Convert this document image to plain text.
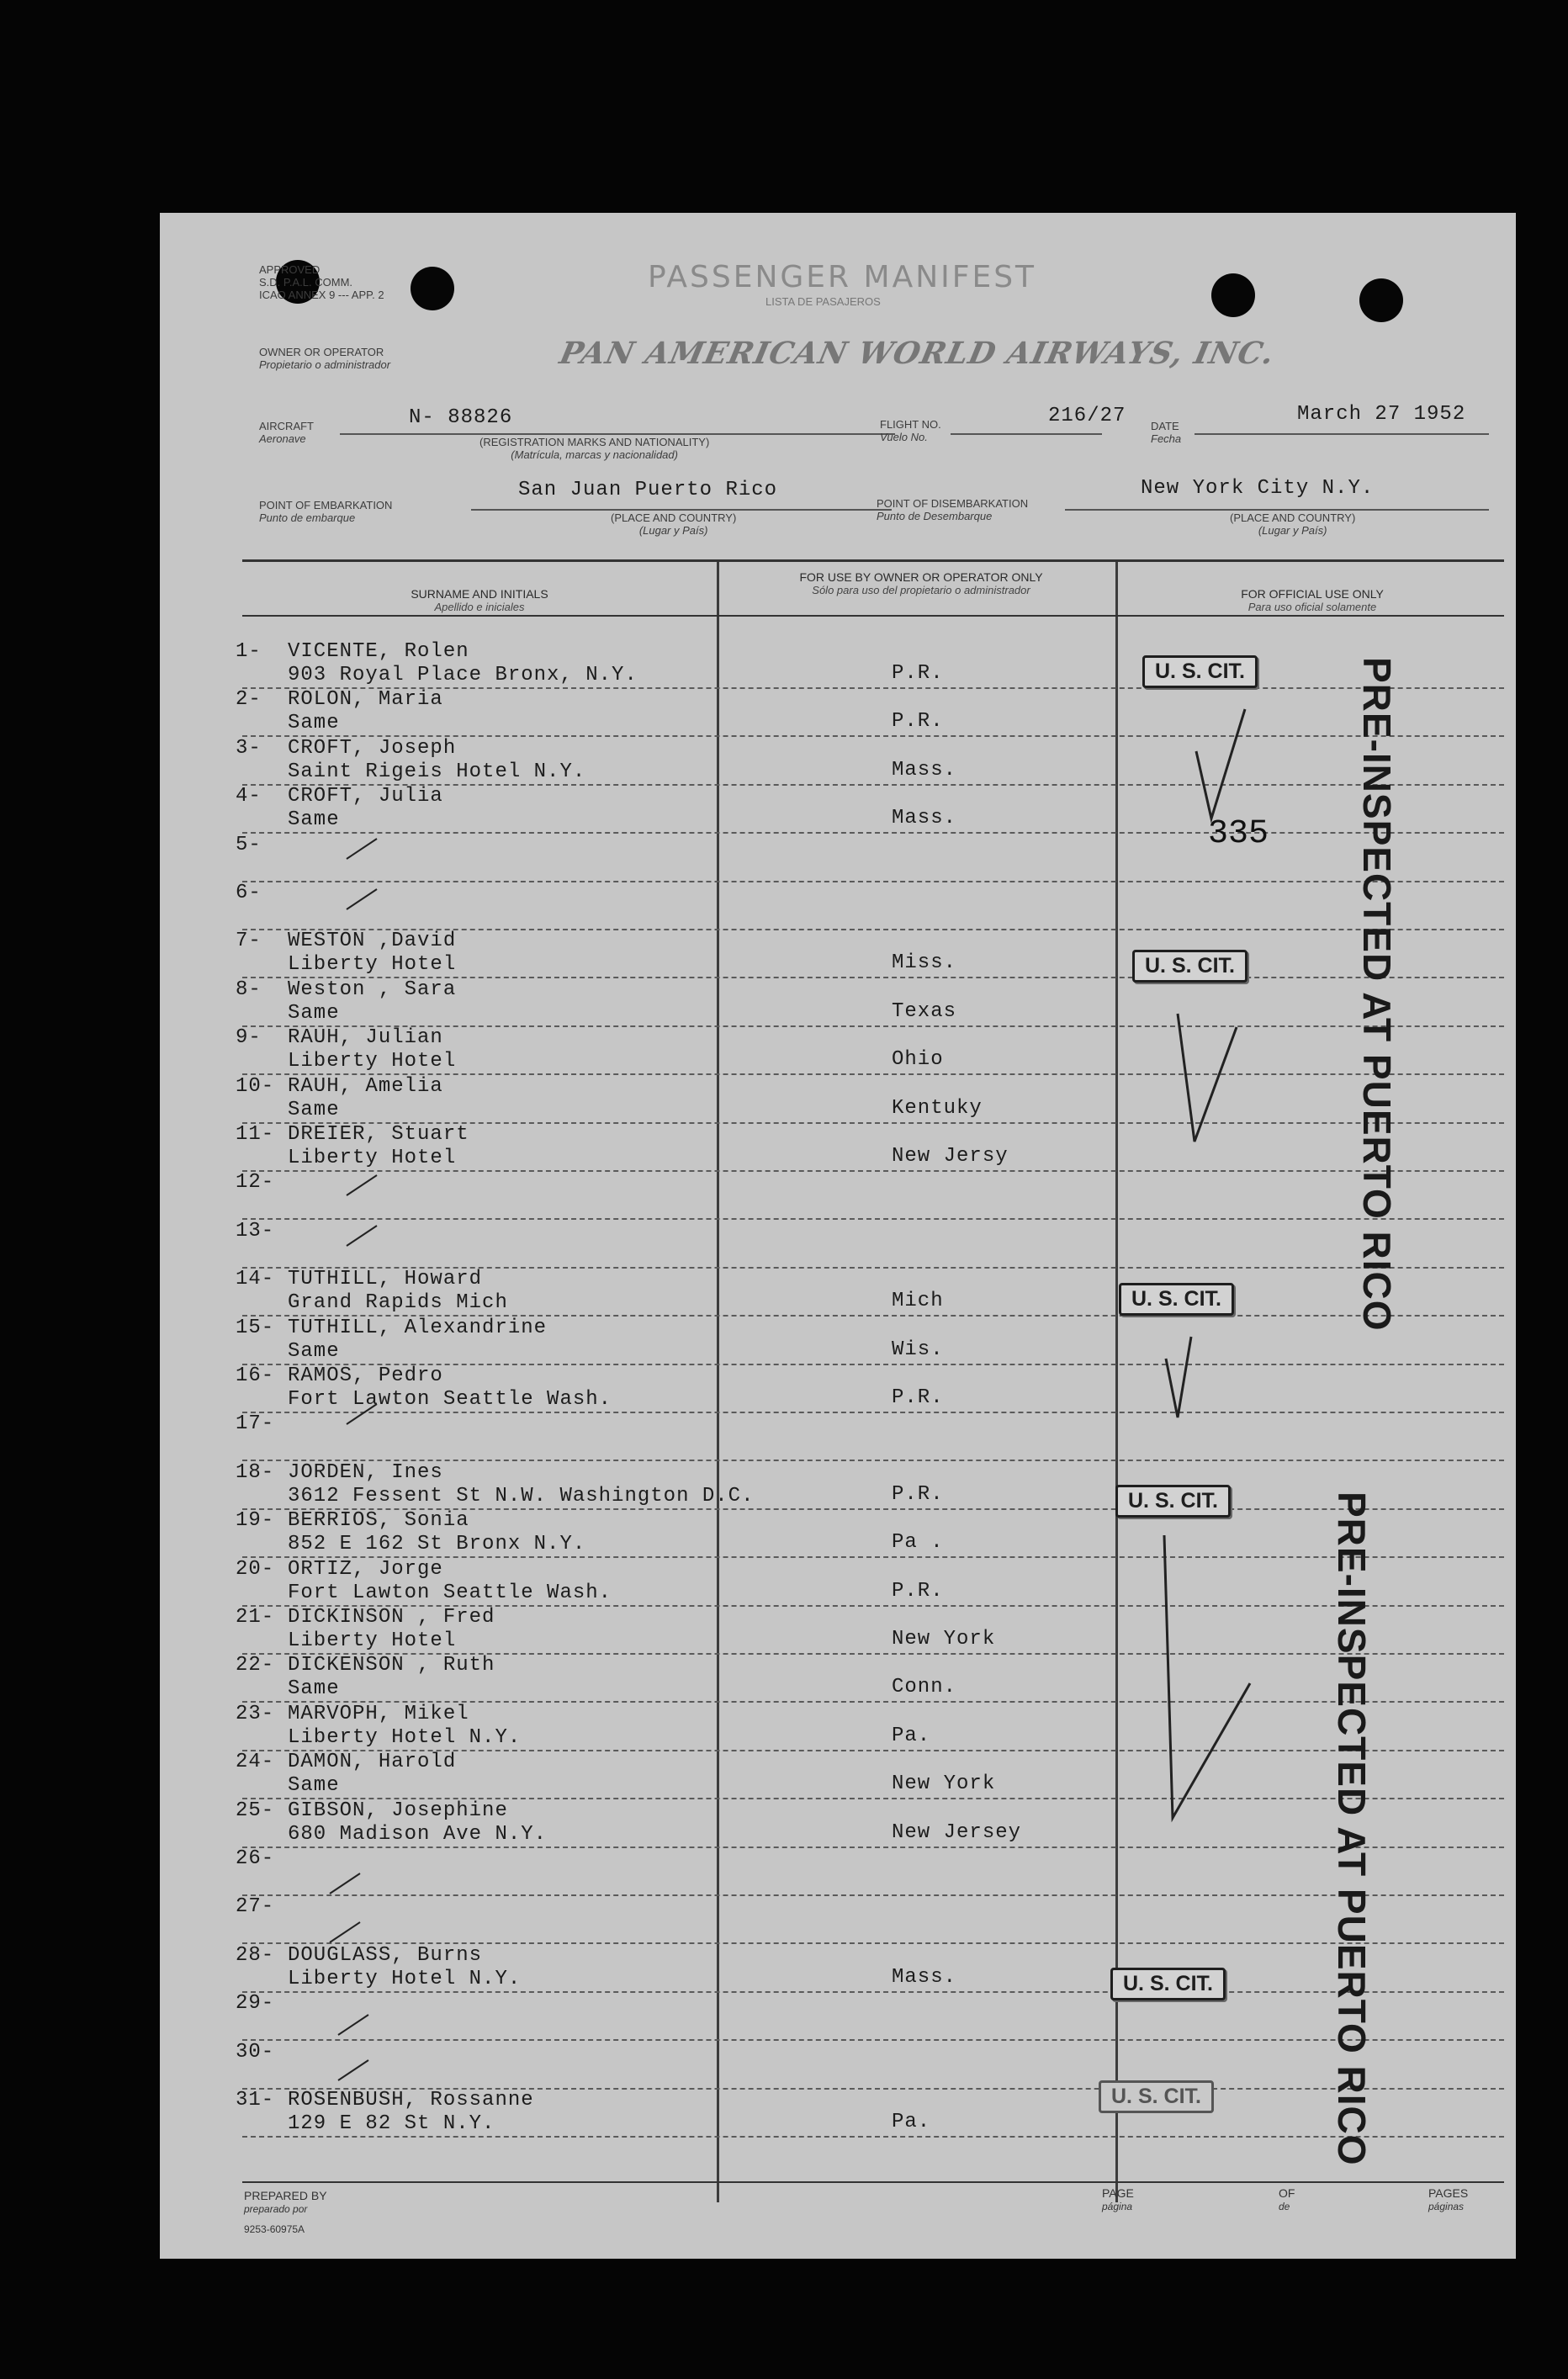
APPROVED
S.D. P.A.L. COMM.
ICAO ANNEX 9 --- APP. 2
PASSENGER MANIFEST
LISTA DE PASAJEROS
OWNER OR OPERATOR
Propietario o administrador	PAN AMERICAN WORLD AIRWAYS, INC.
AIRCRAFT
Aeronave
N- 88826
(REGISTRATION MARKS AND NATIONALITY)
(Matrícula, marcas y nacionalidad)
FLIGHT NO.
Vuelo No.
216/27 DATE
Fecha
March 27 1952
POINT OF EMBARKATION
Punto de embarque
San Juan Puerto Rico
(PLACE AND COUNTRY)
(Lugar y País)
POINT OF DISEMBARKATION
Punto de Desembarque
New York City N.Y.
(PLACE AND COUNTRY)
(Lugar y País)
SURNAME AND INITIALS
Apellido e iniciales
FOR USE BY OWNER OR OPERATOR ONLY
Sólo para uso del propietario o administrador	FOR OFFICIAL USE ONLY
Para uso oficial solamente
1- VICENTE, Rolen
903 Royal Place Bronx, N.Y.	P.R.
2- ROLON, Maria
Same	P.R.
3- CROFT, Joseph
Saint Rigeis Hotel N.Y.	Mass.
4- CROFT, Julia
Same	Mass.
5-
6-
7- WESTON ,David
Liberty Hotel	Miss.
8- Weston , Sara
Same	Texas
9- RAUH, Julian
Liberty Hotel	Ohio
10- RAUH, Amelia
Same	Kentuky
11- DREIER, Stuart
Liberty Hotel	New Jersy
12-
13-
14- TUTHILL, Howard
Grand Rapids Mich	Mich
15- TUTHILL, Alexandrine
Same	Wis.
16- RAMOS, Pedro
Fort Lawton Seattle Wash.	P.R.
17-
18- JORDEN, Ines
3612 Fessent St N.W. Washington D.C.	P.R.
19- BERRIOS, Sonia
852 E 162 St Bronx N.Y.	Pa .
20- ORTIZ, Jorge
Fort Lawton Seattle Wash.	P.R.
21- DICKINSON , Fred
Liberty Hotel	New York
22- DICKENSON , Ruth
Same	Conn.
23- MARVOPH, Mikel
Liberty Hotel N.Y.	Pa.
24- DAMON, Harold
Same	New York
25- GIBSON, Josephine
680 Madison Ave N.Y.	New Jersey
26-
27-
28- DOUGLASS, Burns
Liberty Hotel N.Y.	Mass.
29-
30-
31- ROSENBUSH, Rossanne
129 E 82 St N.Y.	Pa.
U. S. CIT.
U. S. CIT.
U. S. CIT.
U. S. CIT.
U. S. CIT.
U. S. CIT.
PRE-INSPECTED AT PUERTO RICO
PRE-INSPECTED AT PUERTO RICO
335
PREPARED BY
preparado por
9253-60975A
PAGE
página
OF
de
PAGES
páginas
